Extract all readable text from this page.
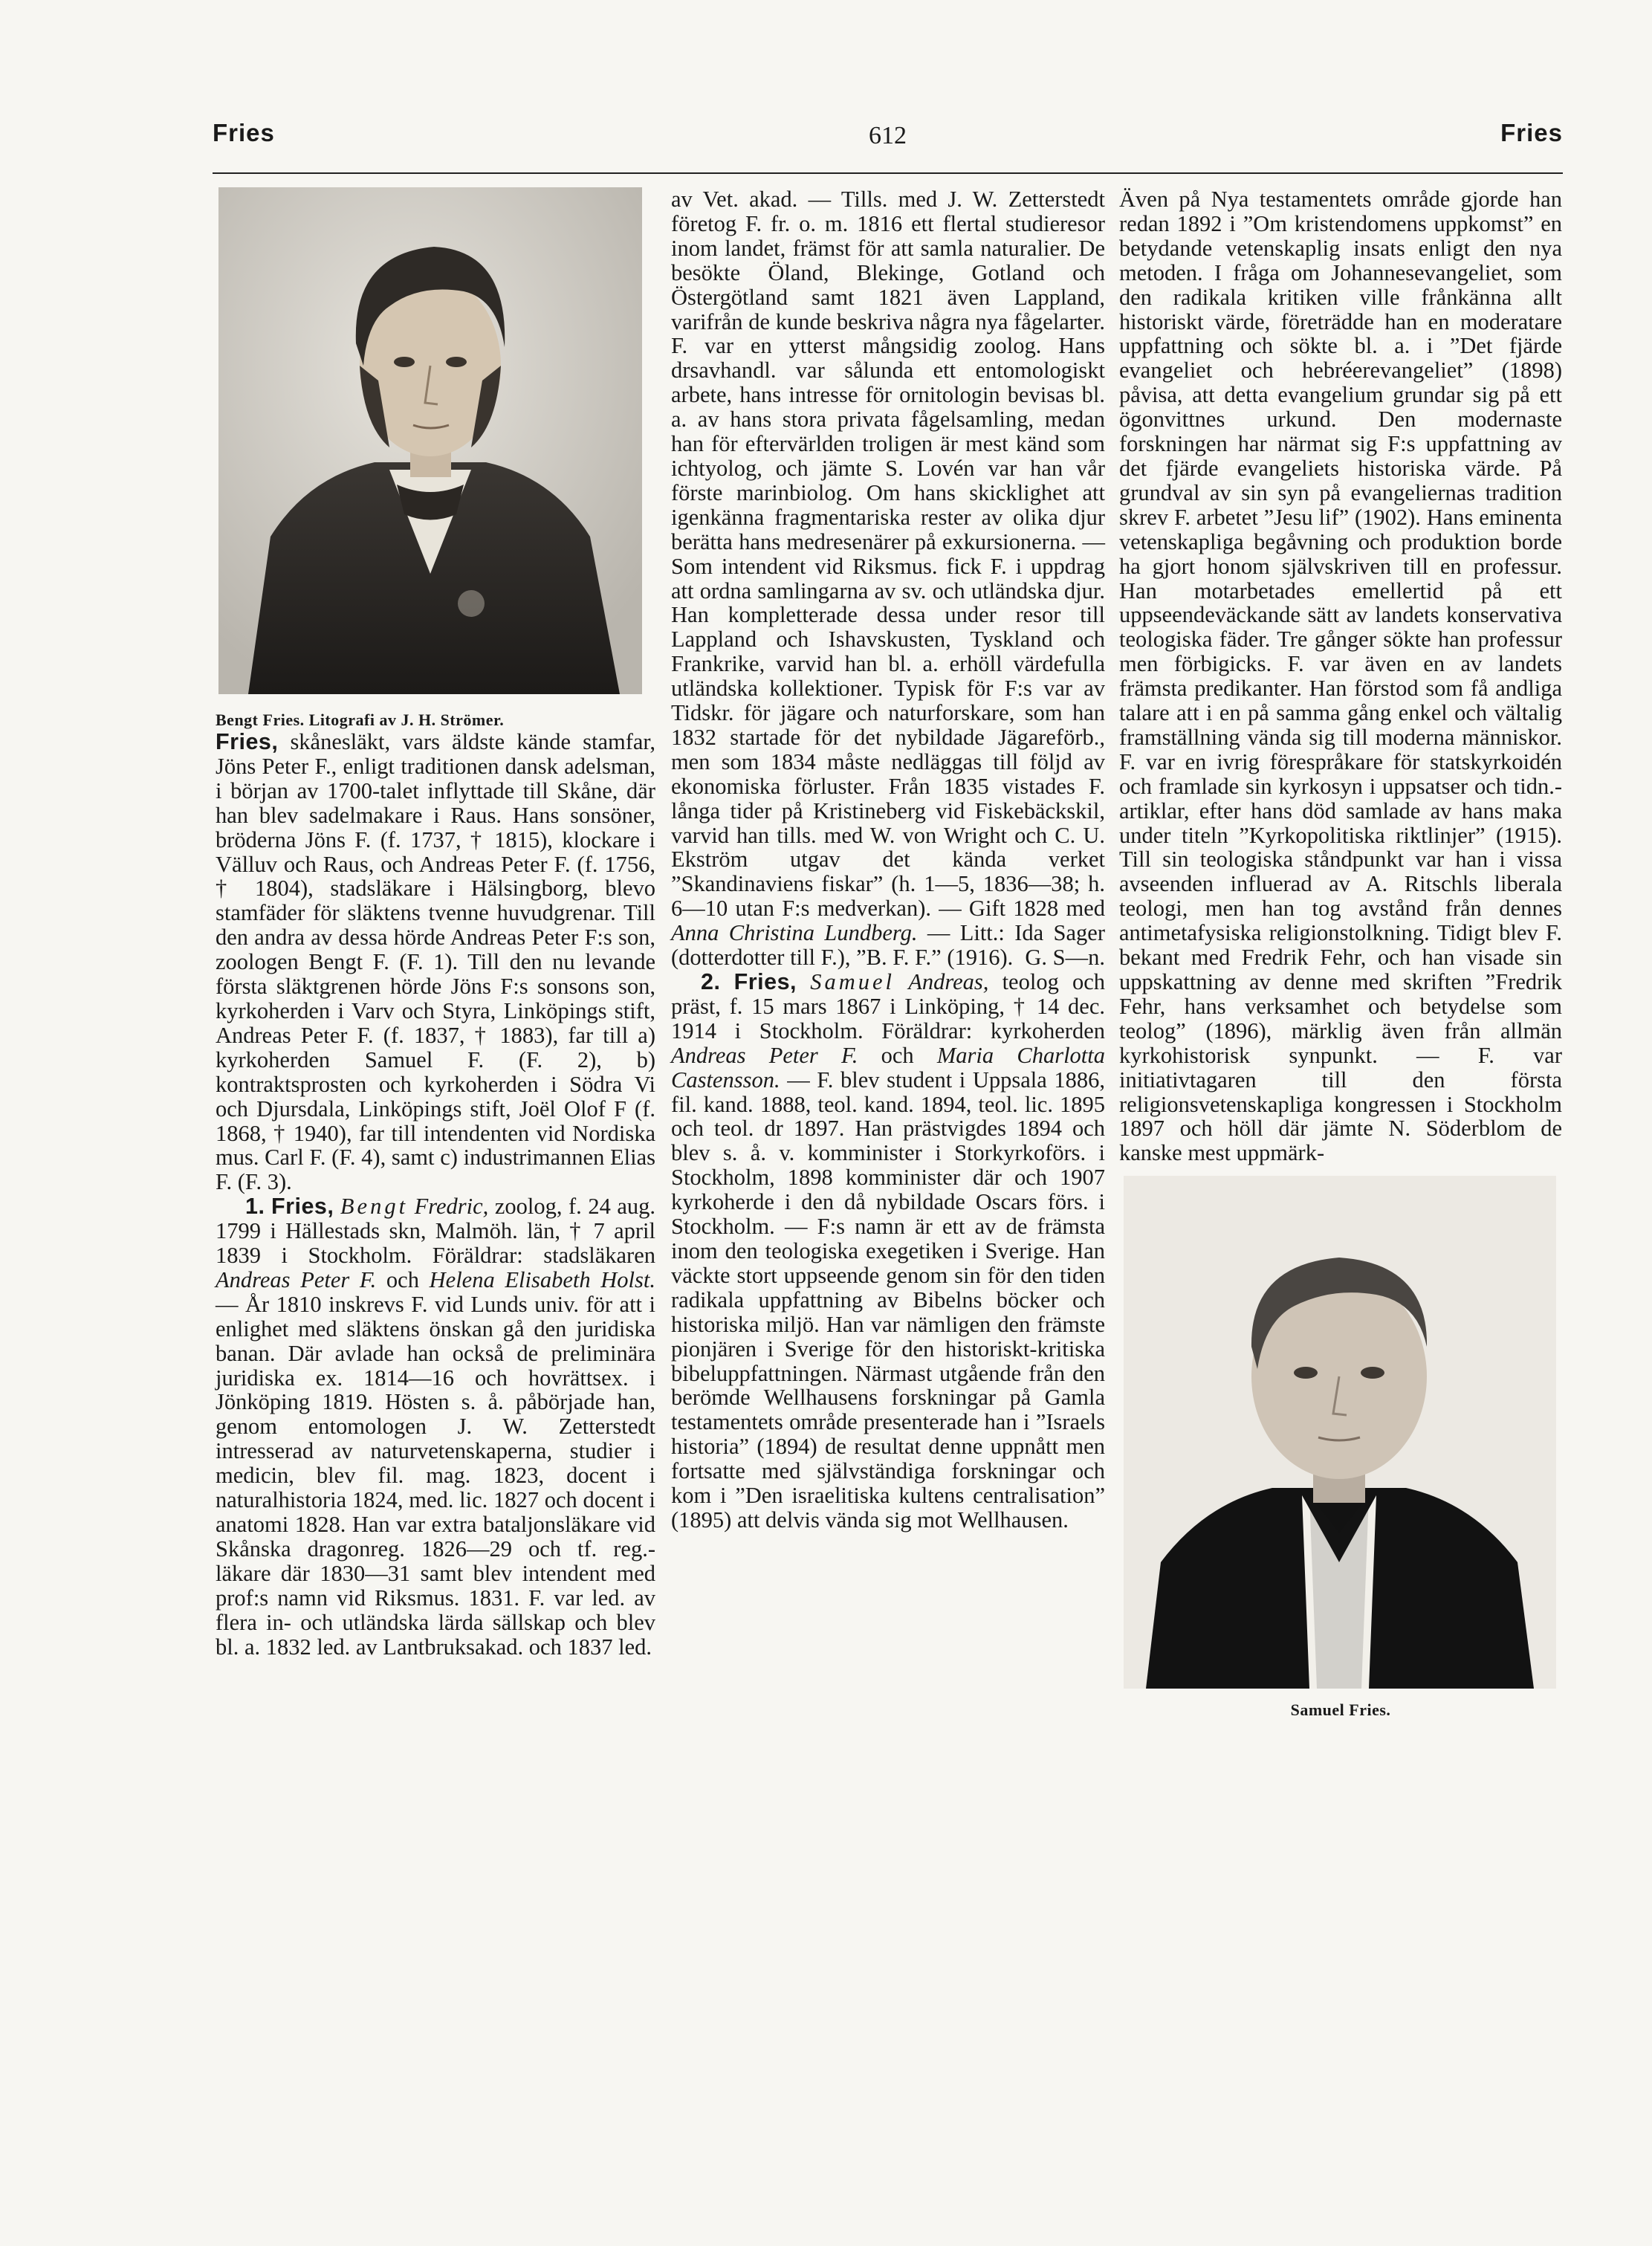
Fries	612	Fries

Bengt Fries. Litografi av J. H. Strömer.

Fries, skånesläkt, vars äldste kände stamfar, Jöns Peter F., enligt traditionen dansk adelsman, i början av 1700-talet inflyttade till Skåne, där han blev sadelmakare i Raus. Hans sonsöner, bröderna Jöns F. (f. 1737, † 1815), klockare i Välluv och Raus, och Andreas Peter F. (f. 1756, † 1804), stadsläkare i Hälsingborg, blevo stamfäder för släktens tvenne huvudgrenar. Till den andra av dessa hörde Andreas Peter F:s son, zoologen Bengt F. (F. 1). Till den nu levande första släktgrenen hörde Jöns F:s sonsons son, kyrkoherden i Varv och Styra, Linköpings stift, Andreas Peter F. (f. 1837, † 1883), far till a) kyrkoherden Samuel F. (F. 2), b) kontraktsprosten och kyrkoherden i Södra Vi och Djursdala, Linköpings stift, Joël Olof F (f. 1868, † 1940), far till intendenten vid Nordiska mus. Carl F. (F. 4), samt c) industrimannen Elias F. (F. 3).

1. Fries, Bengt Fredric, zoolog, f. 24 aug. 1799 i Hällestads skn, Malmöh. län, † 7 april 1839 i Stockholm. Föräldrar: stadsläkaren Andreas Peter F. och Helena Elisabeth Holst. — År 1810 inskrevs F. vid Lunds univ. för att i enlighet med släktens önskan gå den juridiska banan. Där avlade han också de preliminära juridiska ex. 1814—16 och hovrättsex. i Jönköping 1819. Hösten s. å. påbörjade han, genom entomologen J. W. Zetterstedt intresserad av naturvetenskaperna, studier i medicin, blev fil. mag. 1823, docent i naturalhistoria 1824, med. lic. 1827 och docent i anatomi 1828. Han var extra bataljonsläkare vid Skånska dragonreg. 1826—29 och tf. reg.-läkare där 1830—31 samt blev intendent med prof:s namn vid Riksmus. 1831. F. var led. av flera in- och utländska lärda sällskap och blev bl. a. 1832 led. av Lantbruksakad. och 1837 led.

av Vet. akad. — Tills. med J. W. Zetterstedt företog F. fr. o. m. 1816 ett flertal studieresor inom landet, främst för att samla naturalier. De besökte Öland, Blekinge, Gotland och Östergötland samt 1821 även Lappland, varifrån de kunde beskriva några nya fågelarter. F. var en ytterst mångsidig zoolog. Hans drsavhandl. var sålunda ett entomologiskt arbete, hans intresse för ornitologin bevisas bl. a. av hans stora privata fågelsamling, medan han för eftervärlden troligen är mest känd som ichtyolog, och jämte S. Lovén var han vår förste marinbiolog. Om hans skicklighet att igenkänna fragmentariska rester av olika djur berätta hans medresenärer på exkursionerna. — Som intendent vid Riksmus. fick F. i uppdrag att ordna samlingarna av sv. och utländska djur. Han kompletterade dessa under resor till Lappland och Ishavskusten, Tyskland och Frankrike, varvid han bl. a. erhöll värdefulla utländska kollektioner. Typisk för F:s var av Tidskr. för jägare och naturforskare, som han 1832 startade för det nybildade Jägareförb., men som 1834 måste nedläggas till följd av ekonomiska förluster. Från 1835 vistades F. långa tider på Kristineberg vid Fiskebäckskil, varvid han tills. med W. von Wright och C. U. Ekström utgav det kända verket ”Skandinaviens fiskar” (h. 1—5, 1836—38; h. 6—10 utan F:s medverkan). — Gift 1828 med Anna Christina Lundberg. — Litt.: Ida Sager (dotterdotter till F.), ”B. F. F.” (1916). G. S—n.

2. Fries, Samuel Andreas, teolog och präst, f. 15 mars 1867 i Linköping, † 14 dec. 1914 i Stockholm. Föräldrar: kyrkoherden Andreas Peter F. och Maria Charlotta Castensson. — F. blev student i Uppsala 1886, fil. kand. 1888, teol. kand. 1894, teol. lic. 1895 och teol. dr 1897. Han prästvigdes 1894 och blev s. å. v. komminister i Storkyrkoförs. i Stockholm, 1898 komminister där och 1907 kyrkoherde i den då nybildade Oscars förs. i Stockholm. — F:s namn är ett av de främsta inom den teologiska exegetiken i Sverige. Han väckte stort uppseende genom sin för den tiden radikala uppfattning av Bibelns böcker och historiska miljö. Han var nämligen den främste pionjären i Sverige för den historiskt-kritiska bibeluppfattningen. Närmast utgående från den berömde Wellhausens forskningar på Gamla testamentets område presenterade han i ”Israels historia” (1894) de resultat denne uppnått men fortsatte med självständiga forskningar och kom i ”Den israelitiska kultens centralisation” (1895) att delvis vända sig mot Wellhausen.

Även på Nya testamentets område gjorde han redan 1892 i ”Om kristendomens uppkomst” en betydande vetenskaplig insats enligt den nya metoden. I fråga om Johannesevangeliet, som den radikala kritiken ville frånkänna allt historiskt värde, företrädde han en moderatare uppfattning och sökte bl. a. i ”Det fjärde evangeliet och hebréerevangeliet” (1898) påvisa, att detta evangelium grundar sig på ett ögonvittnes urkund. Den modernaste forskningen har närmat sig F:s uppfattning av det fjärde evangeliets historiska värde. På grundval av sin syn på evangeliernas tradition skrev F. arbetet ”Jesu lif” (1902). Hans eminenta vetenskapliga begåvning och produktion borde ha gjort honom självskriven till en professur. Han motarbetades emellertid på ett uppseendeväckande sätt av landets konservativa teologiska fäder. Tre gånger sökte han professur men förbigicks. F. var även en av landets främsta predikanter. Han förstod som få andliga talare att i en på samma gång enkel och vältalig framställning vända sig till moderna människor. F. var en ivrig förespråkare för statskyrkoidén och framlade sin kyrkosyn i uppsatser och tidn.-artiklar, efter hans död samlade av hans maka under titeln ”Kyrkopolitiska riktlinjer” (1915). Till sin teologiska ståndpunkt var han i vissa avseenden influerad av A. Ritschls liberala teologi, men han tog avstånd från dennes antimetafysiska religionstolkning. Tidigt blev F. bekant med Fredrik Fehr, och han visade sin uppskattning av denne med skriften ”Fredrik Fehr, hans verksamhet och betydelse som teolog” (1896), märklig även från allmän kyrkohistorisk synpunkt. — F. var initiativtagaren till den första religionsvetenskapliga kongressen i Stockholm 1897 och höll där jämte N. Söderblom de kanske mest uppmärk-

Samuel Fries.
